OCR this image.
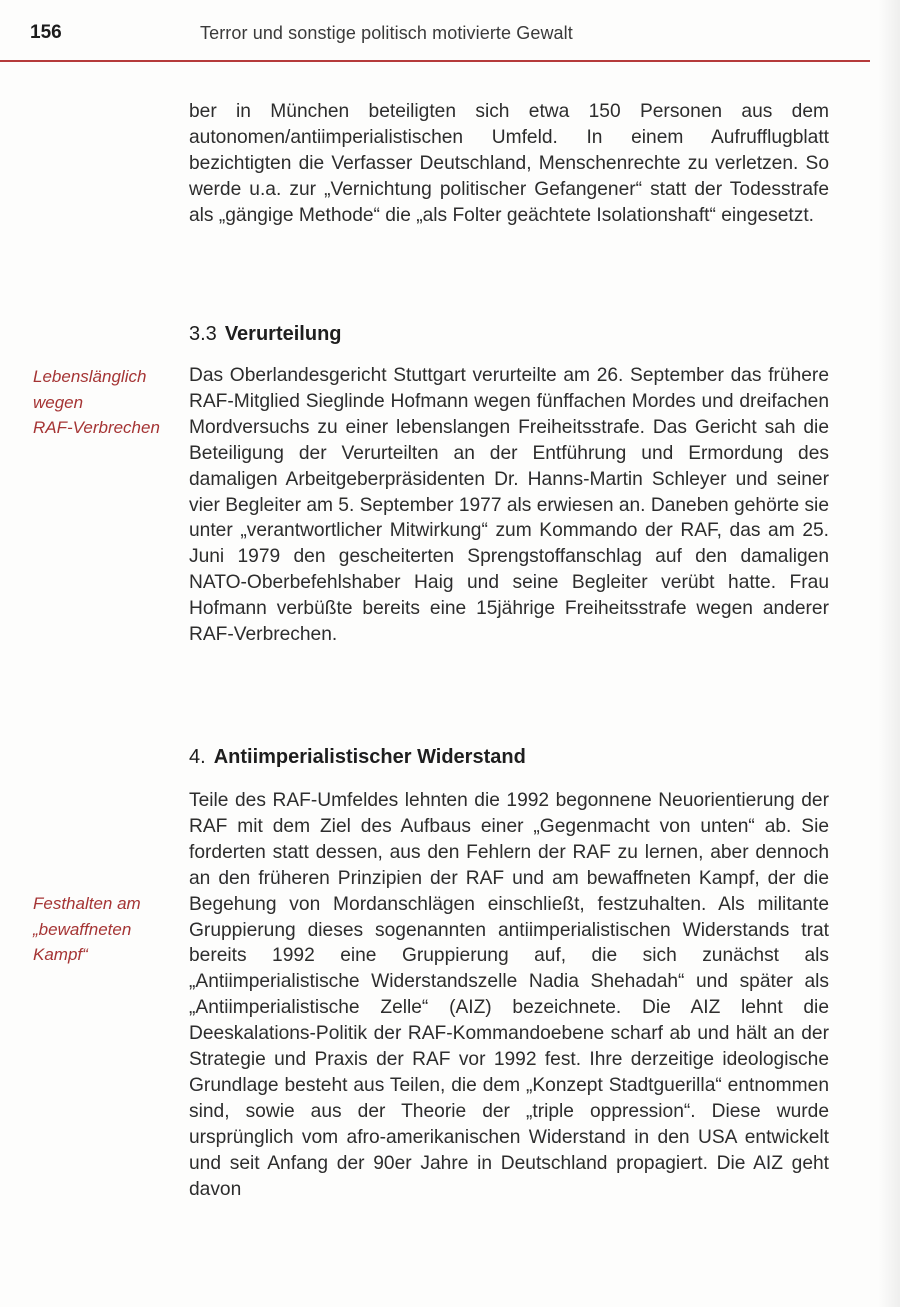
156	Terror und sonstige politisch motivierte Gewalt

ber in München beteiligten sich etwa 150 Personen aus dem autonomen/antiimperialistischen Umfeld. In einem Aufrufflugblatt bezichtigten die Verfasser Deutschland, Menschenrechte zu verletzen. So werde u.a. zur „Vernichtung politischer Gefangener“ statt der Todesstrafe als „gängige Methode“ die „als Folter geächtete Isolationshaft“ eingesetzt.

3.3 Verurteilung
Lebenslänglich
wegen
RAF-Verbrechen

Das Oberlandesgericht Stuttgart verurteilte am 26. September das frühere RAF-Mitglied Sieglinde Hofmann wegen fünffachen Mordes und dreifachen Mordversuchs zu einer lebenslangen Freiheitsstrafe. Das Gericht sah die Beteiligung der Verurteilten an der Entführung und Ermordung des damaligen Arbeitgeberpräsidenten Dr. Hanns-Martin Schleyer und seiner vier Begleiter am 5. September 1977 als erwiesen an. Daneben gehörte sie unter „verantwortlicher Mitwirkung“ zum Kommando der RAF, das am 25. Juni 1979 den gescheiterten Sprengstoffanschlag auf den damaligen NATO-Oberbefehlshaber Haig und seine Begleiter verübt hatte. Frau Hofmann verbüßte bereits eine 15jährige Freiheitsstrafe wegen anderer RAF-Verbrechen.

4. Antiimperialistischer Widerstand
Festhalten am
„bewaffneten
Kampf“

Teile des RAF-Umfeldes lehnten die 1992 begonnene Neuorientierung der RAF mit dem Ziel des Aufbaus einer „Gegenmacht von unten“ ab. Sie forderten statt dessen, aus den Fehlern der RAF zu lernen, aber dennoch an den früheren Prinzipien der RAF und am bewaffneten Kampf, der die Begehung von Mordanschlägen einschließt, festzuhalten. Als militante Gruppierung dieses sogenannten antiimperialistischen Widerstands trat bereits 1992 eine Gruppierung auf, die sich zunächst als „Antiimperialistische Widerstandszelle Nadia Shehadah“ und später als „Antiimperialistische Zelle“ (AIZ) bezeichnete. Die AIZ lehnt die Deeskalations-Politik der RAF-Kommandoebene scharf ab und hält an der Strategie und Praxis der RAF vor 1992 fest. Ihre derzeitige ideologische Grundlage besteht aus Teilen, die dem „Konzept Stadtguerilla“ entnommen sind, sowie aus der Theorie der „triple oppression“. Diese wurde ursprünglich vom afro-amerikanischen Widerstand in den USA entwickelt und seit Anfang der 90er Jahre in Deutschland propagiert. Die AIZ geht davon
